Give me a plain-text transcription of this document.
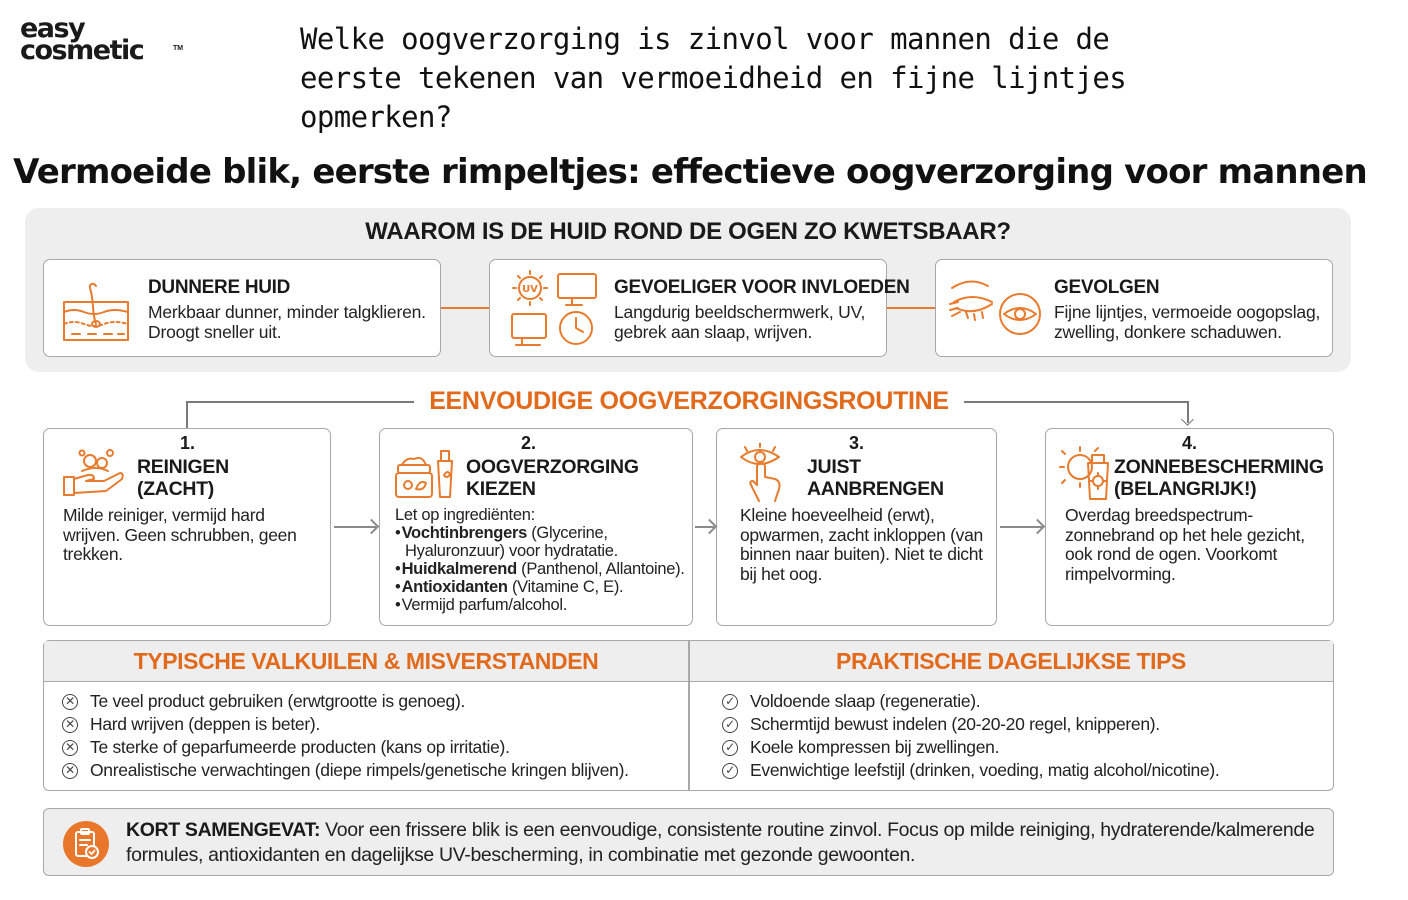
easy
cosmetic	TM	Welke oogverzorging is zinvol voor mannen die de eerste tekenen van vermoeidheid en fijne lijntjes opmerken?
Vermoeide blik, eerste rimpeltjes: effectieve oogverzorging voor mannen
WAAROM IS DE HUID ROND DE OGEN ZO KWETSBAAR?
DUNNERE HUID
Merkbaar dunner, minder talgklieren. Droogt sneller uit.
UV	GEVOELIGER VOOR INVLOEDEN
Langdurig beeldschermwerk, UV, gebrek aan slaap, wrijven.
GEVOLGEN
Fijne lijntjes, vermoeide oogopslag, zwelling, donkere schaduwen.
EENVOUDIGE OOGVERZORGINGSROUTINE
1.
REINIGEN
(ZACHT)
Milde reiniger, vermijd hard wrijven. Geen schrubben, geen trekken.
2.
OOGVERZORGING
KIEZEN
Let op ingrediënten:
• Vochtinbrengers (Glycerine, Hyaluronzuur) voor hydratatie.
• Huidkalmerend (Panthenol, Allantoine).
• Antioxidanten (Vitamine C, E).
• Vermijd parfum/alcohol.
3.
JUIST
AANBRENGEN
Kleine hoeveelheid (erwt), opwarmen, zacht inkloppen (van binnen naar buiten). Niet te dicht bij het oog.
4.
ZONNEBESCHERMING
(BELANGRIJK!)
Overdag breedspectrum-zonnebrand op het hele gezicht, ook rond de ogen. Voorkomt rimpelvorming.
TYPISCHE VALKUILEN & MISVERSTANDEN	PRAKTISCHE DAGELIJKSE TIPS
✕ Te veel product gebruiken (erwtgrootte is genoeg).
✕ Hard wrijven (deppen is beter).
✕ Te sterke of geparfumeerde producten (kans op irritatie).
✕ Onrealistische verwachtingen (diepe rimpels/genetische kringen blijven).
✓ Voldoende slaap (regeneratie).
✓ Schermtijd bewust indelen (20-20-20 regel, knipperen).
✓ Koele kompressen bij zwellingen.
✓ Evenwichtige leefstijl (drinken, voeding, matig alcohol/nicotine).
KORT SAMENGEVAT: Voor een frissere blik is een eenvoudige, consistente routine zinvol. Focus op milde reiniging, hydraterende/kalmerende formules, antioxidanten en dagelijkse UV-bescherming, in combinatie met gezonde gewoonten.
